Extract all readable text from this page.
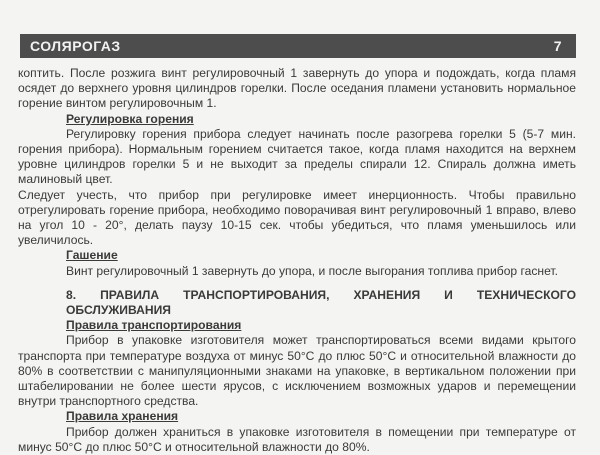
СОЛЯРОГАЗ	7

коптить. После розжига винт регулировочный 1 завернуть до упора и подождать, когда пламя осядет до верхнего уровня цилиндров горелки. После оседания пламени установить нормальное горение винтом регулировочным 1.

Регулировка горения

Регулировку горения прибора следует начинать после разогрева горелки 5 (5-7 мин. горения прибора). Нормальным горением считается такое, когда пламя находится на верхнем уровне цилиндров горелки 5 и не выходит за пределы спирали 12. Спираль должна иметь малиновый цвет.

Следует учесть, что прибор при регулировке имеет инерционность. Чтобы правильно отрегулировать горение прибора, необходимо поворачивая винт регулировочный 1 вправо, влево на угол 10 - 20°, делать паузу 10-15 сек. чтобы убедиться, что пламя уменьшилось или увеличилось.

Гашение

Винт регулировочный 1 завернуть до упора, и после выгорания топлива прибор гаснет.

8. ПРАВИЛА ТРАНСПОРТИРОВАНИЯ, ХРАНЕНИЯ И ТЕХНИЧЕСКОГО ОБСЛУЖИВАНИЯ

Правила транспортирования

Прибор в упаковке изготовителя может транспортироваться всеми видами крытого транспорта при температуре воздуха от минус 50°С до плюс 50°С и относительной влажности до 80% в соответствии с манипуляционными знаками на упаковке, в вертикальном положении при штабелировании не более шести ярусов, с исключением возможных ударов и перемещении внутри транспортного средства.

Правила хранения

Прибор должен храниться в упаковке изготовителя в помещении при температуре от минус 50°С до плюс 50°С и относительной влажности до 80%.
